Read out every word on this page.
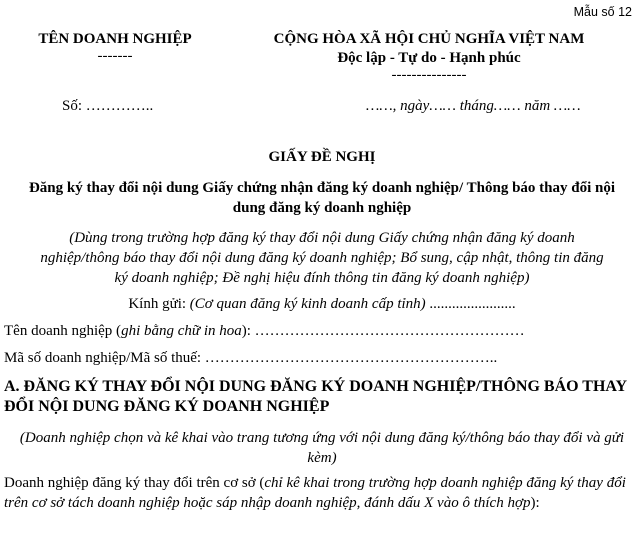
Mẫu số 12
TÊN DOANH NGHIỆP
-------
CỘNG HÒA XÃ HỘI CHỦ NGHĨA VIỆT NAM
Độc lập - Tự do - Hạnh phúc
---------------
Số: …………..	……, ngày…… tháng…… năm ……
GIẤY ĐỀ NGHỊ
Đăng ký thay đổi nội dung Giấy chứng nhận đăng ký doanh nghiệp/ Thông báo thay đổi nội dung đăng ký doanh nghiệp
(Dùng trong trường hợp đăng ký thay đổi nội dung Giấy chứng nhận đăng ký doanh nghiệp/thông báo thay đổi nội dung đăng ký doanh nghiệp; Bổ sung, cập nhật, thông tin đăng ký doanh nghiệp; Đề nghị hiệu đính thông tin đăng ký doanh nghiệp)
Kính gửi: (Cơ quan đăng ký kinh doanh cấp tỉnh) .......................
Tên doanh nghiệp (ghi bằng chữ in hoa): ………………………………………………
Mã số doanh nghiệp/Mã số thuế: …………………………………………………..
A. ĐĂNG KÝ THAY ĐỔI NỘI DUNG ĐĂNG KÝ DOANH NGHIỆP/THÔNG BÁO THAY ĐỔI NỘI DUNG ĐĂNG KÝ DOANH NGHIỆP
(Doanh nghiệp chọn và kê khai vào trang tương ứng với nội dung đăng ký/thông báo thay đổi và gửi kèm)
Doanh nghiệp đăng ký thay đổi trên cơ sở (chỉ kê khai trong trường hợp doanh nghiệp đăng ký thay đổi trên cơ sở tách doanh nghiệp hoặc sáp nhập doanh nghiệp, đánh dấu X vào ô thích hợp):
